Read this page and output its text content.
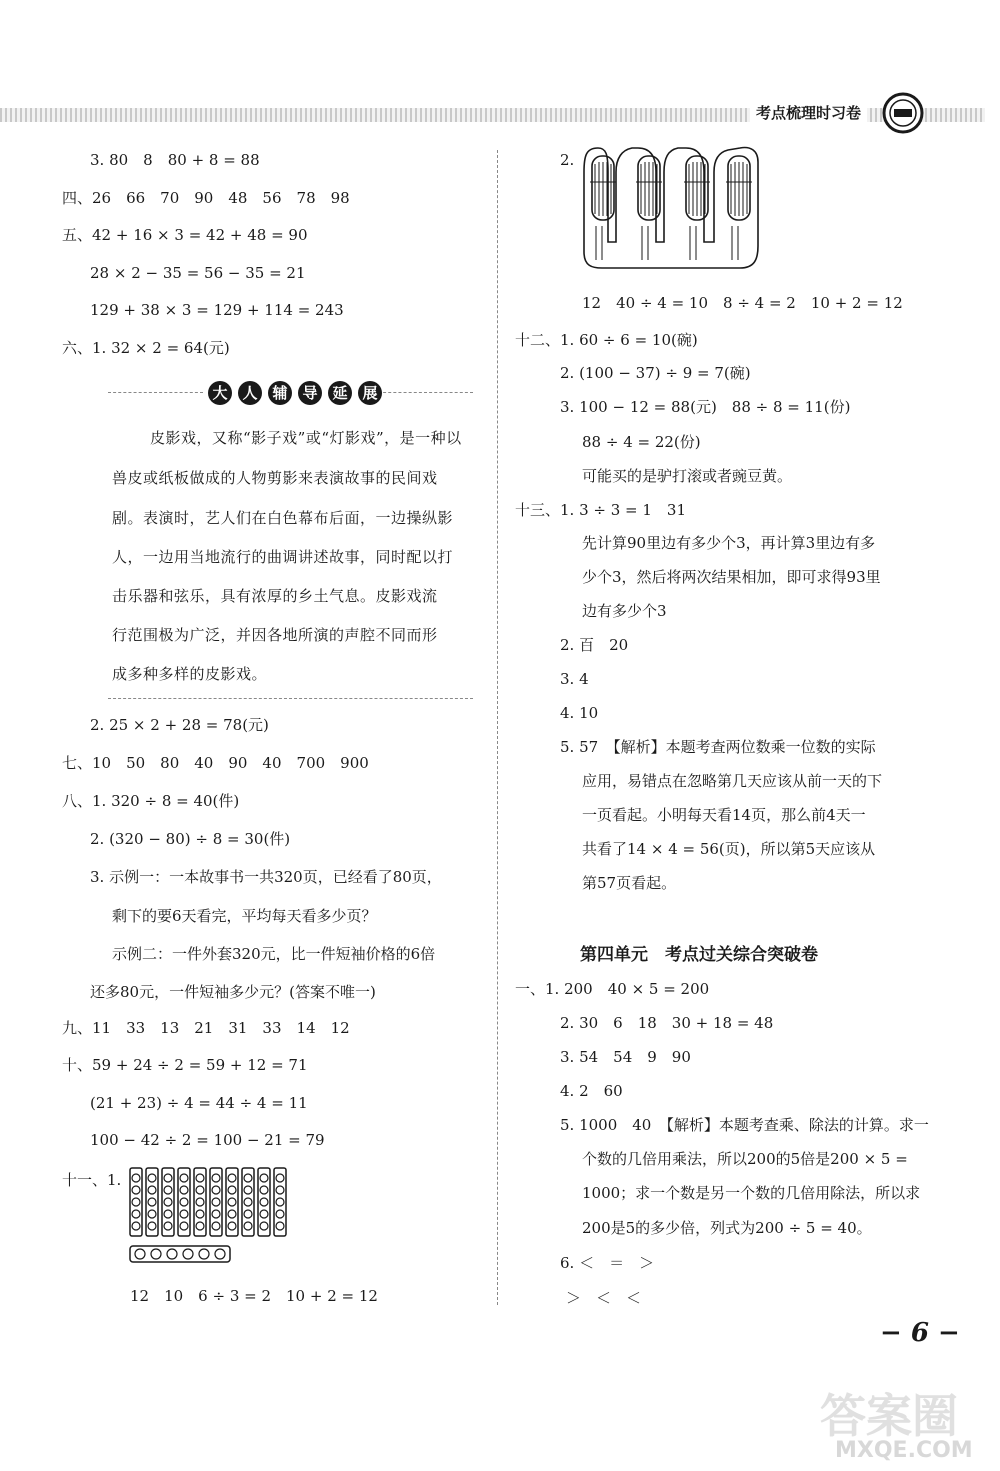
考点梳理时习卷
3. 80　8　80 + 8 = 88
四、26　66　70　90　48　56　78　98
五、42 + 16 × 3 = 42 + 48 = 90
28 × 2 − 35 = 56 − 35 = 21
129 + 38 × 3 = 129 + 114 = 243
六、1. 32 × 2 = 64(元)
大 人 辅 导 延 展
皮影戏，又称“影子戏”或“灯影戏”，是一种以
兽皮或纸板做成的人物剪影来表演故事的民间戏
剧。表演时，艺人们在白色幕布后面，一边操纵影
人，一边用当地流行的曲调讲述故事，同时配以打
击乐器和弦乐，具有浓厚的乡土气息。皮影戏流
行范围极为广泛，并因各地所演的声腔不同而形
成多种多样的皮影戏。
2. 25 × 2 + 28 = 78(元)
七、10　50　80　40　90　40　700　900
八、1. 320 ÷ 8 = 40(件)
2. (320 − 80) ÷ 8 = 30(件)
3. 示例一：一本故事书一共320页，已经看了80页，
剩下的要6天看完，平均每天看多少页？
示例二：一件外套320元，比一件短袖价格的6倍
还多80元，一件短袖多少元？(答案不唯一)
九、11　33　13　21　31　33　14　12
十、59 + 24 ÷ 2 = 59 + 12 = 71
(21 + 23) ÷ 4 = 44 ÷ 4 = 11
100 − 42 ÷ 2 = 100 − 21 = 79
十一、1.
12　10　6 ÷ 3 = 2　10 + 2 = 12
2.
12　40 ÷ 4 = 10　8 ÷ 4 = 2　10 + 2 = 12
十二、1. 60 ÷ 6 = 10(碗)
2. (100 − 37) ÷ 9 = 7(碗)
3. 100 − 12 = 88(元)　88 ÷ 8 = 11(份)
88 ÷ 4 = 22(份)
可能买的是驴打滚或者豌豆黄。
十三、1. 3 ÷ 3 = 1　31
先计算90里边有多少个3，再计算3里边有多
少个3，然后将两次结果相加，即可求得93里
边有多少个3
2. 百　20
3. 4
4. 10
5. 57　【解析】本题考查两位数乘一位数的实际
应用，易错点在忽略第几天应该从前一天的下
一页看起。小明每天看14页，那么前4天一
共看了14 × 4 = 56(页)，所以第5天应该从
第57页看起。
第四单元　考点过关综合突破卷
一、1. 200　40 × 5 = 200
2. 30　6　18　30 + 18 = 48
3. 54　54　9　90
4. 2　60
5. 1000　40　【解析】本题考查乘、除法的计算。求一
个数的几倍用乘法，所以200的5倍是200 × 5 =
1000；求一个数是另一个数的几倍用除法，所以求
200是5的多少倍，列式为200 ÷ 5 = 40。
6. ＜　＝　＞
＞　＜　＜
− 6 −
答案圈
MXQE.COM
